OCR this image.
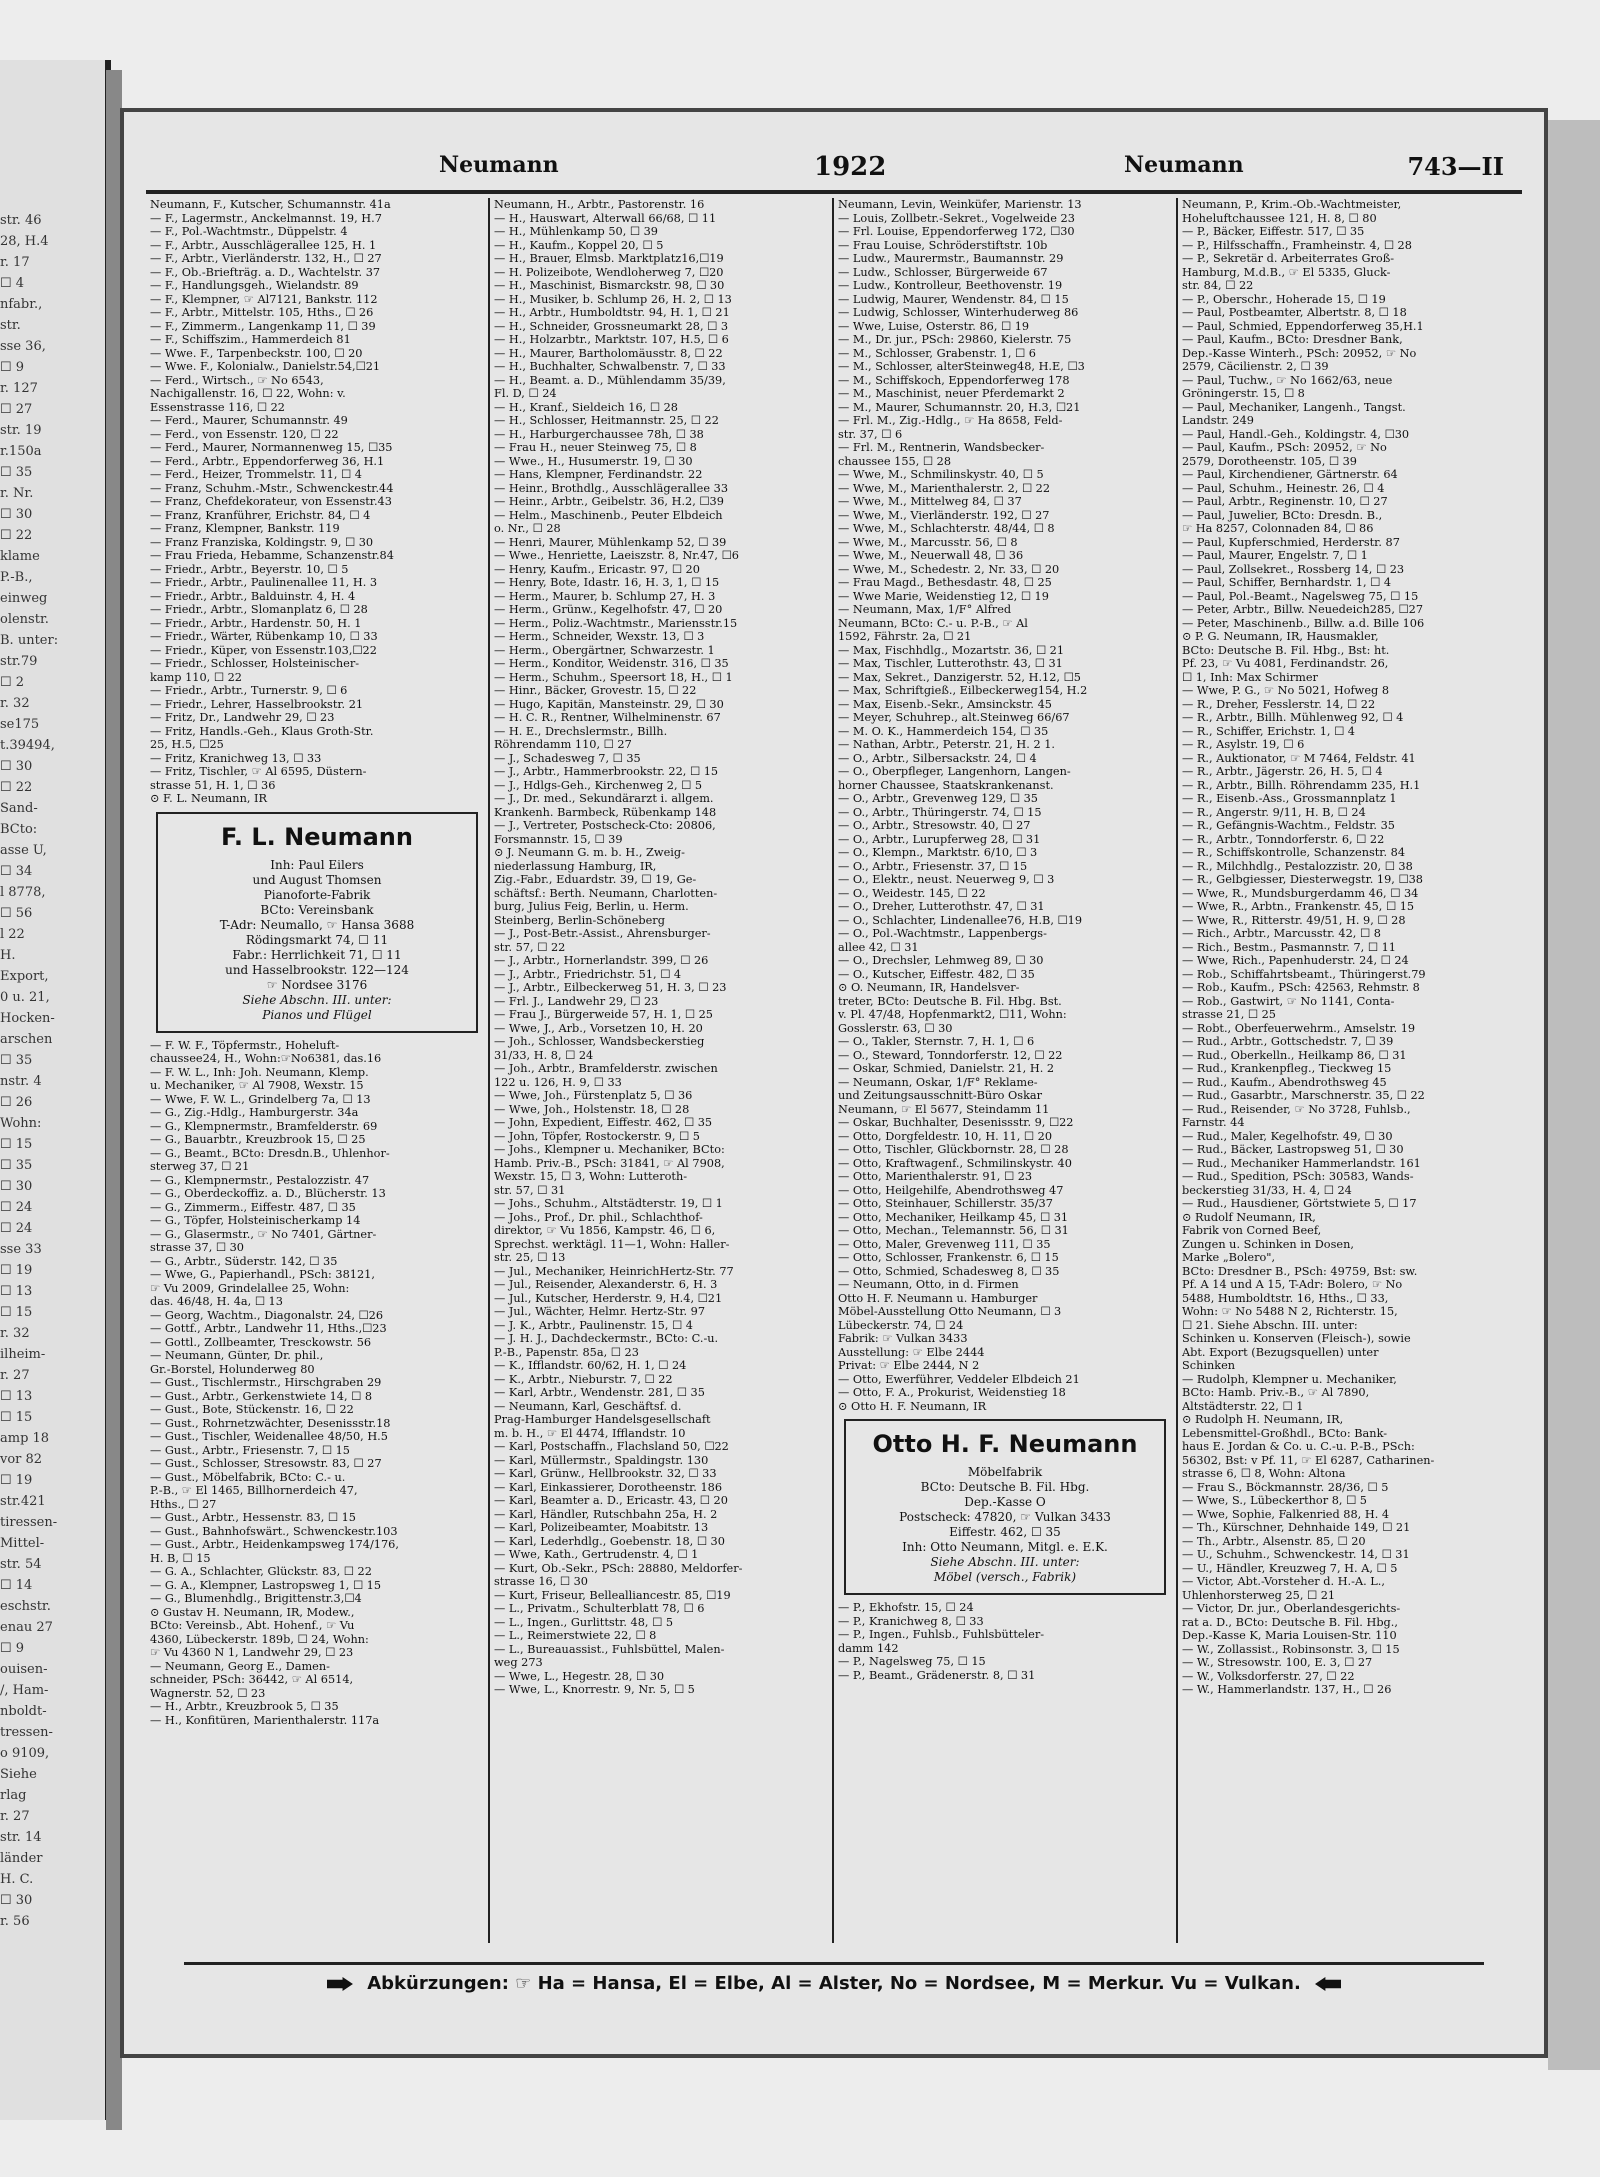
str. 46
28, H.4
r. 17
☐ 4
nfabr.,
str.
sse 36,
☐ 9
r. 127
☐ 27
str. 19
r.150a
☐ 35
r. Nr.
☐ 30
☐ 22
klame
P.-B.,
einweg
olenstr.
B. unter:
str.79
☐ 2
r. 32
se175
t.39494,
☐ 30
☐ 22
Sand-
BCto:
asse U,
☐ 34
l 8778,
☐ 56
l 22
H.
Export,
0 u. 21,
Hocken-
arschen
☐ 35
nstr. 4
☐ 26
Wohn:
☐ 15
☐ 35
☐ 30
☐ 24
☐ 24
sse 33
☐ 19
☐ 13
☐ 15
r. 32
ilheim-
r. 27
☐ 13
☐ 15
amp 18
vor 82
☐ 19
str.421
tiressen-
Mittel-
str. 54
☐ 14
eschstr.
enau 27
☐ 9
ouisen-
/, Ham-
nboldt-
tressen-
o 9109,
Siehe
rlag
r. 27
str. 14
länder
H. C.
☐ 30
r. 56
Neumann	1922	Neumann	743—II
Neumann, F., Kutscher, Schumannstr. 41a
— F., Lagermstr., Anckelmannst. 19, H.7
— F., Pol.-Wachtmstr., Düppelstr. 4
— F., Arbtr., Ausschlägerallee 125, H. 1
— F., Arbtr., Vierländerstr. 132, H., ☐ 27
— F., Ob.-Briefträg. a. D., Wachtelstr. 37
— F., Handlungsgeh., Wielandstr. 89
— F., Klempner, ☞ Al7121, Bankstr. 112
— F., Arbtr., Mittelstr. 105, Hths., ☐ 26
— F., Zimmerm., Langenkamp 11, ☐ 39
— F., Schiffszim., Hammerdeich 81
— Wwe. F., Tarpenbeckstr. 100, ☐ 20
— Wwe. F., Kolonialw., Danielstr.54,☐21
— Ferd., Wirtsch., ☞ No 6543,
Nachigallenstr. 16, ☐ 22, Wohn: v.
Essenstrasse 116, ☐ 22
— Ferd., Maurer, Schumannstr. 49
— Ferd., von Essenstr. 120, ☐ 22
— Ferd., Maurer, Normannenweg 15, ☐35
— Ferd., Arbtr., Eppendorferweg 36, H.1
— Ferd., Heizer, Trommelstr. 11, ☐ 4
— Franz, Schuhm.-Mstr., Schwenckestr.44
— Franz, Chefdekorateur, von Essenstr.43
— Franz, Kranführer, Erichstr. 84, ☐ 4
— Franz, Klempner, Bankstr. 119
— Franz Franziska, Koldingstr. 9, ☐ 30
— Frau Frieda, Hebamme, Schanzenstr.84
— Friedr., Arbtr., Beyerstr. 10, ☐ 5
— Friedr., Arbtr., Paulinenallee 11, H. 3
— Friedr., Arbtr., Balduinstr. 4, H. 4
— Friedr., Arbtr., Slomanplatz 6, ☐ 28
— Friedr., Arbtr., Hardenstr. 50, H. 1
— Friedr., Wärter, Rübenkamp 10, ☐ 33
— Friedr., Küper, von Essenstr.103,☐22
— Friedr., Schlosser, Holsteinischer-
kamp 110, ☐ 22
— Friedr., Arbtr., Turnerstr. 9, ☐ 6
— Friedr., Lehrer, Hasselbrookstr. 21
— Fritz, Dr., Landwehr 29, ☐ 23
— Fritz, Handls.-Geh., Klaus Groth-Str.
25, H.5, ☐25
— Fritz, Kranichweg 13, ☐ 33
— Fritz, Tischler, ☞ Al 6595, Düstern-
strasse 51, H. 1, ☐ 36
⊙ F. L. Neumann, IR
F. L. Neumann
Inh: Paul Eilers
und August Thomsen
Pianoforte-Fabrik
BCto: Vereinsbank
T-Adr: Neumallo, ☞ Hansa 3688
Rödingsmarkt 74, ☐ 11
Fabr.: Herrlichkeit 71, ☐ 11
und Hasselbrookstr. 122—124
☞ Nordsee 3176
Siehe Abschn. III. unter:
Pianos und Flügel
— F. W. F., Töpfermstr., Hoheluft-
chaussee24, H., Wohn:☞No6381, das.16
— F. W. L., Inh: Joh. Neumann, Klemp.
u. Mechaniker, ☞ Al 7908, Wexstr. 15
— Wwe, F. W. L., Grindelberg 7a, ☐ 13
— G., Zig.-Hdlg., Hamburgerstr. 34a
— G., Klempnermstr., Bramfelderstr. 69
— G., Bauarbtr., Kreuzbrook 15, ☐ 25
— G., Beamt., BCto: Dresdn.B., Uhlenhor-
sterweg 37, ☐ 21
— G., Klempnermstr., Pestalozzistr. 47
— G., Oberdeckoffiz. a. D., Blücherstr. 13
— G., Zimmerm., Eiffestr. 487, ☐ 35
— G., Töpfer, Holsteinischerkamp 14
— G., Glasermstr., ☞ No 7401, Gärtner-
strasse 37, ☐ 30
— G., Arbtr., Süderstr. 142, ☐ 35
— Wwe, G., Papierhandl., PSch: 38121,
☞ Vu 2009, Grindelallee 25, Wohn:
das. 46/48, H. 4a, ☐ 13
— Georg, Wachtm., Diagonalstr. 24, ☐26
— Gottf., Arbtr., Landwehr 11, Hths.,☐23
— Gottl., Zollbeamter, Tresckowstr. 56
— Neumann, Günter, Dr. phil.,
Gr.-Borstel, Holunderweg 80
— Gust., Tischlermstr., Hirschgraben 29
— Gust., Arbtr., Gerkenstwiete 14, ☐ 8
— Gust., Bote, Stückenstr. 16, ☐ 22
— Gust., Rohrnetzwächter, Desenissstr.18
— Gust., Tischler, Weidenallee 48/50, H.5
— Gust., Arbtr., Friesenstr. 7, ☐ 15
— Gust., Schlosser, Stresowstr. 83, ☐ 27
— Gust., Möbelfabrik, BCto: C.- u.
P.-B., ☞ El 1465, Billhornerdeich 47,
Hths., ☐ 27
— Gust., Arbtr., Hessenstr. 83, ☐ 15
— Gust., Bahnhofswärt., Schwenckestr.103
— Gust., Arbtr., Heidenkampsweg 174/176,
H. B, ☐ 15
— G. A., Schlachter, Glückstr. 83, ☐ 22
— G. A., Klempner, Lastropsweg 1, ☐ 15
— G., Blumenhdlg., Brigittenstr.3,☐4
⊙ Gustav H. Neumann, IR, Modew.,
BCto: Vereinsb., Abt. Hohenf., ☞ Vu
4360, Lübeckerstr. 189b, ☐ 24, Wohn:
☞ Vu 4360 N 1, Landwehr 29, ☐ 23
— Neumann, Georg E., Damen-
schneider, PSch: 36442, ☞ Al 6514,
Wagnerstr. 52, ☐ 23
— H., Arbtr., Kreuzbrook 5, ☐ 35
— H., Konfitüren, Marienthalerstr. 117a
Neumann, H., Arbtr., Pastorenstr. 16
— H., Hauswart, Alterwall 66/68, ☐ 11
— H., Mühlenkamp 50, ☐ 39
— H., Kaufm., Koppel 20, ☐ 5
— H., Brauer, Elmsb. Marktplatz16,☐19
— H. Polizeibote, Wendloherweg 7, ☐20
— H., Maschinist, Bismarckstr. 98, ☐ 30
— H., Musiker, b. Schlump 26, H. 2, ☐ 13
— H., Arbtr., Humboldtstr. 94, H. 1, ☐ 21
— H., Schneider, Grossneumarkt 28, ☐ 3
— H., Holzarbtr., Marktstr. 107, H.5, ☐ 6
— H., Maurer, Bartholomäusstr. 8, ☐ 22
— H., Buchhalter, Schwalbenstr. 7, ☐ 33
— H., Beamt. a. D., Mühlendamm 35/39,
Fl. D, ☐ 24
— H., Kranf., Sieldeich 16, ☐ 28
— H., Schlosser, Heitmannstr. 25, ☐ 22
— H., Harburgerchaussee 78h, ☐ 38
— Frau H., neuer Steinweg 75, ☐ 8
— Wwe., H., Husumerstr. 19, ☐ 30
— Hans, Klempner, Ferdinandstr. 22
— Heinr., Brothdlg., Ausschlägerallee 33
— Heinr., Arbtr., Geibelstr. 36, H.2, ☐39
— Helm., Maschinenb., Peuter Elbdeich
o. Nr., ☐ 28
— Henri, Maurer, Mühlenkamp 52, ☐ 39
— Wwe., Henriette, Laeiszstr. 8, Nr.47, ☐6
— Henry, Kaufm., Ericastr. 97, ☐ 20
— Henry, Bote, Idastr. 16, H. 3, 1, ☐ 15
— Herm., Maurer, b. Schlump 27, H. 3
— Herm., Grünw., Kegelhofstr. 47, ☐ 20
— Herm., Poliz.-Wachtmstr., Mariensstr.15
— Herm., Schneider, Wexstr. 13, ☐ 3
— Herm., Obergärtner, Schwarzestr. 1
— Herm., Konditor, Weidenstr. 316, ☐ 35
— Herm., Schuhm., Speersort 18, H., ☐ 1
— Hinr., Bäcker, Grovestr. 15, ☐ 22
— Hugo, Kapitän, Mansteinstr. 29, ☐ 30
— H. C. R., Rentner, Wilhelminenstr. 67
— H. E., Drechslermstr., Billh.
Röhrendamm 110, ☐ 27
— J., Schadesweg 7, ☐ 35
— J., Arbtr., Hammerbrookstr. 22, ☐ 15
— J., Hdlgs-Geh., Kirchenweg 2, ☐ 5
— J., Dr. med., Sekundärarzt i. allgem.
Krankenh. Barmbeck, Rübenkamp 148
— J., Vertreter, Postscheck-Cto: 20806,
Forsmannstr. 15, ☐ 39
⊙ J. Neumann G. m. b. H., Zweig-
niederlassung Hamburg, IR,
Zig.-Fabr., Eduardstr. 39, ☐ 19, Ge-
schäftsf.: Berth. Neumann, Charlotten-
burg, Julius Feig, Berlin, u. Herm.
Steinberg, Berlin-Schöneberg
— J., Post-Betr.-Assist., Ahrensburger-
str. 57, ☐ 22
— J., Arbtr., Hornerlandstr. 399, ☐ 26
— J., Arbtr., Friedrichstr. 51, ☐ 4
— J., Arbtr., Eilbeckerweg 51, H. 3, ☐ 23
— Frl. J., Landwehr 29, ☐ 23
— Frau J., Bürgerweide 57, H. 1, ☐ 25
— Wwe, J., Arb., Vorsetzen 10, H. 20
— Joh., Schlosser, Wandsbeckerstieg
31/33, H. 8, ☐ 24
— Joh., Arbtr., Bramfelderstr. zwischen
122 u. 126, H. 9, ☐ 33
— Wwe, Joh., Fürstenplatz 5, ☐ 36
— Wwe, Joh., Holstenstr. 18, ☐ 28
— John, Expedient, Eiffestr. 462, ☐ 35
— John, Töpfer, Rostockerstr. 9, ☐ 5
— Johs., Klempner u. Mechaniker, BCto:
Hamb. Priv.-B., PSch: 31841, ☞ Al 7908,
Wexstr. 15, ☐ 3, Wohn: Lutteroth-
str. 57, ☐ 31
— Johs., Schuhm., Altstädterstr. 19, ☐ 1
— Johs., Prof., Dr. phil., Schlachthof-
direktor, ☞ Vu 1856, Kampstr. 46, ☐ 6,
Sprechst. werktägl. 11—1, Wohn: Haller-
str. 25, ☐ 13
— Jul., Mechaniker, HeinrichHertz-Str. 77
— Jul., Reisender, Alexanderstr. 6, H. 3
— Jul., Kutscher, Herderstr. 9, H.4, ☐21
— Jul., Wächter, Helmr. Hertz-Str. 97
— J. K., Arbtr., Paulinenstr. 15, ☐ 4
— J. H. J., Dachdeckermstr., BCto: C.-u.
P.-B., Papenstr. 85a, ☐ 23
— K., Ifflandstr. 60/62, H. 1, ☐ 24
— K., Arbtr., Nieburstr. 7, ☐ 22
— Karl, Arbtr., Wendenstr. 281, ☐ 35
— Neumann, Karl, Geschäftsf. d.
Prag-Hamburger Handelsgesellschaft
m. b. H., ☞ El 4474, Ifflandstr. 10
— Karl, Postschaffn., Flachsland 50, ☐22
— Karl, Müllermstr., Spaldingstr. 130
— Karl, Grünw., Hellbrookstr. 32, ☐ 33
— Karl, Einkassierer, Dorotheenstr. 186
— Karl, Beamter a. D., Ericastr. 43, ☐ 20
— Karl, Händler, Rutschbahn 25a, H. 2
— Karl, Polizeibeamter, Moabitstr. 13
— Karl, Lederhdlg., Goebenstr. 18, ☐ 30
— Wwe, Kath., Gertrudenstr. 4, ☐ 1
— Kurt, Ob.-Sekr., PSch: 28880, Meldorfer-
strasse 16, ☐ 30
— Kurt, Friseur, Bellealliancestr. 85, ☐19
— L., Privatm., Schulterblatt 78, ☐ 6
— L., Ingen., Gurlittstr. 48, ☐ 5
— L., Reimerstwiete 22, ☐ 8
— L., Bureauassist., Fuhlsbüttel, Malen-
weg 273
— Wwe, L., Hegestr. 28, ☐ 30
— Wwe, L., Knorrestr. 9, Nr. 5, ☐ 5
Neumann, Levin, Weinküfer, Marienstr. 13
— Louis, Zollbetr.-Sekret., Vogelweide 23
— Frl. Louise, Eppendorferweg 172, ☐30
— Frau Louise, Schröderstiftstr. 10b
— Ludw., Maurermstr., Baumannstr. 29
— Ludw., Schlosser, Bürgerweide 67
— Ludw., Kontrolleur, Beethovenstr. 19
— Ludwig, Maurer, Wendenstr. 84, ☐ 15
— Ludwig, Schlosser, Winterhuderweg 86
— Wwe, Luise, Osterstr. 86, ☐ 19
— M., Dr. jur., PSch: 29860, Kielerstr. 75
— M., Schlosser, Grabenstr. 1, ☐ 6
— M., Schlosser, alterSteinweg48, H.E, ☐3
— M., Schiffskoch, Eppendorferweg 178
— M., Maschinist, neuer Pferdemarkt 2
— M., Maurer, Schumannstr. 20, H.3, ☐21
— Frl. M., Zig.-Hdlg., ☞ Ha 8658, Feld-
str. 37, ☐ 6
— Frl. M., Rentnerin, Wandsbecker-
chaussee 155, ☐ 28
— Wwe, M., Schmilinskystr. 40, ☐ 5
— Wwe, M., Marienthalerstr. 2, ☐ 22
— Wwe, M., Mittelweg 84, ☐ 37
— Wwe, M., Vierländerstr. 192, ☐ 27
— Wwe, M., Schlachterstr. 48/44, ☐ 8
— Wwe, M., Marcusstr. 56, ☐ 8
— Wwe, M., Neuerwall 48, ☐ 36
— Wwe, M., Schedestr. 2, Nr. 33, ☐ 20
— Frau Magd., Bethesdastr. 48, ☐ 25
— Wwe Marie, Weidenstieg 12, ☐ 19
— Neumann, Max, 1/F° Alfred
Neumann, BCto: C.- u. P.-B., ☞ Al
1592, Fährstr. 2a, ☐ 21
— Max, Fischhdlg., Mozartstr. 36, ☐ 21
— Max, Tischler, Lutterothstr. 43, ☐ 31
— Max, Sekret., Danzigerstr. 52, H.12, ☐5
— Max, Schriftgieß., Eilbeckerweg154, H.2
— Max, Eisenb.-Sekr., Amsinckstr. 45
— Meyer, Schuhrep., alt.Steinweg 66/67
— M. O. K., Hammerdeich 154, ☐ 35
— Nathan, Arbtr., Peterstr. 21, H. 2 1.
— O., Arbtr., Silbersackstr. 24, ☐ 4
— O., Oberpfleger, Langenhorn, Langen-
horner Chaussee, Staatskrankenanst.
— O., Arbtr., Grevenweg 129, ☐ 35
— O., Arbtr., Thüringerstr. 74, ☐ 15
— O., Arbtr., Stresowstr. 40, ☐ 27
— O., Arbtr., Lurupferweg 28, ☐ 31
— O., Klempn., Marktstr. 6/10, ☐ 3
— O., Arbtr., Friesenstr. 37, ☐ 15
— O., Elektr., neust. Neuerweg 9, ☐ 3
— O., Weidestr. 145, ☐ 22
— O., Dreher, Lutterothstr. 47, ☐ 31
— O., Schlachter, Lindenallee76, H.B, ☐19
— O., Pol.-Wachtmstr., Lappenbergs-
allee 42, ☐ 31
— O., Drechsler, Lehmweg 89, ☐ 30
— O., Kutscher, Eiffestr. 482, ☐ 35
⊙ O. Neumann, IR, Handelsver-
treter, BCto: Deutsche B. Fil. Hbg. Bst.
v. Pl. 47/48, Hopfenmarkt2, ☐11, Wohn:
Gosslerstr. 63, ☐ 30
— O., Takler, Sternstr. 7, H. 1, ☐ 6
— O., Steward, Tonndorferstr. 12, ☐ 22
— Oskar, Schmied, Danielstr. 21, H. 2
— Neumann, Oskar, 1/F° Reklame-
und Zeitungsausschnitt-Büro Oskar
Neumann, ☞ El 5677, Steindamm 11
— Oskar, Buchhalter, Desenissstr. 9, ☐22
— Otto, Dorgfeldestr. 10, H. 11, ☐ 20
— Otto, Tischler, Glückbornstr. 28, ☐ 28
— Otto, Kraftwagenf., Schmilinskystr. 40
— Otto, Marienthalerstr. 91, ☐ 23
— Otto, Heilgehilfe, Abendrothsweg 47
— Otto, Steinhauer, Schillerstr. 35/37
— Otto, Mechaniker, Heilkamp 45, ☐ 31
— Otto, Mechan., Telemannstr. 56, ☐ 31
— Otto, Maler, Grevenweg 111, ☐ 35
— Otto, Schlosser, Frankenstr. 6, ☐ 15
— Otto, Schmied, Schadesweg 8, ☐ 35
— Neumann, Otto, in d. Firmen
Otto H. F. Neumann u. Hamburger
Möbel-Ausstellung Otto Neumann, ☐ 3
Lübeckerstr. 74, ☐ 24
Fabrik: ☞ Vulkan 3433
Ausstellung: ☞ Elbe 2444
Privat: ☞ Elbe 2444, N 2
— Otto, Ewerführer, Veddeler Elbdeich 21
— Otto, F. A., Prokurist, Weidenstieg 18
⊙ Otto H. F. Neumann, IR
Otto H. F. Neumann
Möbelfabrik
BCto: Deutsche B. Fil. Hbg.
Dep.-Kasse O
Postscheck: 47820, ☞ Vulkan 3433
Eiffestr. 462, ☐ 35
Inh: Otto Neumann, Mitgl. e. E.K.
Siehe Abschn. III. unter:
Möbel (versch., Fabrik)
— P., Ekhofstr. 15, ☐ 24
— P., Kranichweg 8, ☐ 33
— P., Ingen., Fuhlsb., Fuhlsbütteler-
damm 142
— P., Nagelsweg 75, ☐ 15
— P., Beamt., Grädenerstr. 8, ☐ 31
Neumann, P., Krim.-Ob.-Wachtmeister,
Hoheluftchaussee 121, H. 8, ☐ 80
— P., Bäcker, Eiffestr. 517, ☐ 35
— P., Hilfsschaffn., Framheinstr. 4, ☐ 28
— P., Sekretär d. Arbeiterrates Groß-
Hamburg, M.d.B., ☞ El 5335, Gluck-
str. 84, ☐ 22
— P., Oberschr., Hoherade 15, ☐ 19
— Paul, Postbeamter, Albertstr. 8, ☐ 18
— Paul, Schmied, Eppendorferweg 35,H.1
— Paul, Kaufm., BCto: Dresdner Bank,
Dep.-Kasse Winterh., PSch: 20952, ☞ No
2579, Cäcilienstr. 2, ☐ 39
— Paul, Tuchw., ☞ No 1662/63, neue
Gröningerstr. 15, ☐ 8
— Paul, Mechaniker, Langenh., Tangst.
Landstr. 249
— Paul, Handl.-Geh., Koldingstr. 4, ☐30
— Paul, Kaufm., PSch: 20952, ☞ No
2579, Dorotheenstr. 105, ☐ 39
— Paul, Kirchendiener, Gärtnerstr. 64
— Paul, Schuhm., Heinestr. 26, ☐ 4
— Paul, Arbtr., Reginenstr. 10, ☐ 27
— Paul, Juwelier, BCto: Dresdn. B.,
☞ Ha 8257, Colonnaden 84, ☐ 86
— Paul, Kupferschmied, Herderstr. 87
— Paul, Maurer, Engelstr. 7, ☐ 1
— Paul, Zollsekret., Rossberg 14, ☐ 23
— Paul, Schiffer, Bernhardstr. 1, ☐ 4
— Paul, Pol.-Beamt., Nagelsweg 75, ☐ 15
— Peter, Arbtr., Billw. Neuedeich285, ☐27
— Peter, Maschinenb., Billw. a.d. Bille 106
⊙ P. G. Neumann, IR, Hausmakler,
BCto: Deutsche B. Fil. Hbg., Bst: ht.
Pf. 23, ☞ Vu 4081, Ferdinandstr. 26,
☐ 1, Inh: Max Schirmer
— Wwe, P. G., ☞ No 5021, Hofweg 8
— R., Dreher, Fesslerstr. 14, ☐ 22
— R., Arbtr., Billh. Mühlenweg 92, ☐ 4
— R., Schiffer, Erichstr. 1, ☐ 4
— R., Asylstr. 19, ☐ 6
— R., Auktionator, ☞ M 7464, Feldstr. 41
— R., Arbtr., Jägerstr. 26, H. 5, ☐ 4
— R., Arbtr., Billh. Röhrendamm 235, H.1
— R., Eisenb.-Ass., Grossmannplatz 1
— R., Angerstr. 9/11, H. B, ☐ 24
— R., Gefängnis-Wachtm., Feldstr. 35
— R., Arbtr., Tonndorferstr. 6, ☐ 22
— R., Schiffskontrolle, Schanzenstr. 84
— R., Milchhdlg., Pestalozzistr. 20, ☐ 38
— R., Gelbgiesser, Diesterwegstr. 19, ☐38
— Wwe, R., Mundsburgerdamm 46, ☐ 34
— Wwe, R., Arbtn., Frankenstr. 45, ☐ 15
— Wwe, R., Ritterstr. 49/51, H. 9, ☐ 28
— Rich., Arbtr., Marcusstr. 42, ☐ 8
— Rich., Bestm., Pasmannstr. 7, ☐ 11
— Wwe, Rich., Papenhuderstr. 24, ☐ 24
— Rob., Schiffahrtsbeamt., Thüringerst.79
— Rob., Kaufm., PSch: 42563, Rehmstr. 8
— Rob., Gastwirt, ☞ No 1141, Conta-
strasse 21, ☐ 25
— Robt., Oberfeuerwehrm., Amselstr. 19
— Rud., Arbtr., Gottschedstr. 7, ☐ 39
— Rud., Oberkelln., Heilkamp 86, ☐ 31
— Rud., Krankenpfleg., Tieckweg 15
— Rud., Kaufm., Abendrothsweg 45
— Rud., Gasarbtr., Marschnerstr. 35, ☐ 22
— Rud., Reisender, ☞ No 3728, Fuhlsb.,
Farnstr. 44
— Rud., Maler, Kegelhofstr. 49, ☐ 30
— Rud., Bäcker, Lastropsweg 51, ☐ 30
— Rud., Mechaniker Hammerlandstr. 161
— Rud., Spedition, PSch: 30583, Wands-
beckerstieg 31/33, H. 4, ☐ 24
— Rud., Hausdiener, Görtstwiete 5, ☐ 17
⊙ Rudolf Neumann, IR,
Fabrik von Corned Beef,
Zungen u. Schinken in Dosen,
Marke „Bolero",
BCto: Dresdner B., PSch: 49759, Bst: sw.
Pf. A 14 und A 15, T-Adr: Bolero, ☞ No
5488, Humboldtstr. 16, Hths., ☐ 33,
Wohn: ☞ No 5488 N 2, Richterstr. 15,
☐ 21. Siehe Abschn. III. unter:
Schinken u. Konserven (Fleisch-), sowie
Abt. Export (Bezugsquellen) unter
Schinken
— Rudolph, Klempner u. Mechaniker,
BCto: Hamb. Priv.-B., ☞ Al 7890,
Altstädterstr. 22, ☐ 1
⊙ Rudolph H. Neumann, IR,
Lebensmittel-Großhdl., BCto: Bank-
haus E. Jordan & Co. u. C.-u. P.-B., PSch:
56302, Bst: v Pf. 11, ☞ El 6287, Catharinen-
strasse 6, ☐ 8, Wohn: Altona
— Frau S., Böckmannstr. 28/36, ☐ 5
— Wwe, S., Lübeckerthor 8, ☐ 5
— Wwe, Sophie, Falkenried 88, H. 4
— Th., Kürschner, Dehnhaide 149, ☐ 21
— Th., Arbtr., Alsenstr. 85, ☐ 20
— U., Schuhm., Schwenckestr. 14, ☐ 31
— U., Händler, Kreuzweg 7, H. A, ☐ 5
— Victor, Abt.-Vorsteher d. H.-A. L.,
Uhlenhorsterweg 25, ☐ 21
— Victor, Dr. jur., Oberlandesgerichts-
rat a. D., BCto: Deutsche B. Fil. Hbg.,
Dep.-Kasse K, Maria Louisen-Str. 110
— W., Zollassist., Robinsonstr. 3, ☐ 15
— W., Stresowstr. 100, E. 3, ☐ 27
— W., Volksdorferstr. 27, ☐ 22
— W., Hammerlandstr. 137, H., ☐ 26
Abkürzungen: ☞ Ha = Hansa, El = Elbe, Al = Alster, No = Nordsee, M = Merkur. Vu = Vulkan.
